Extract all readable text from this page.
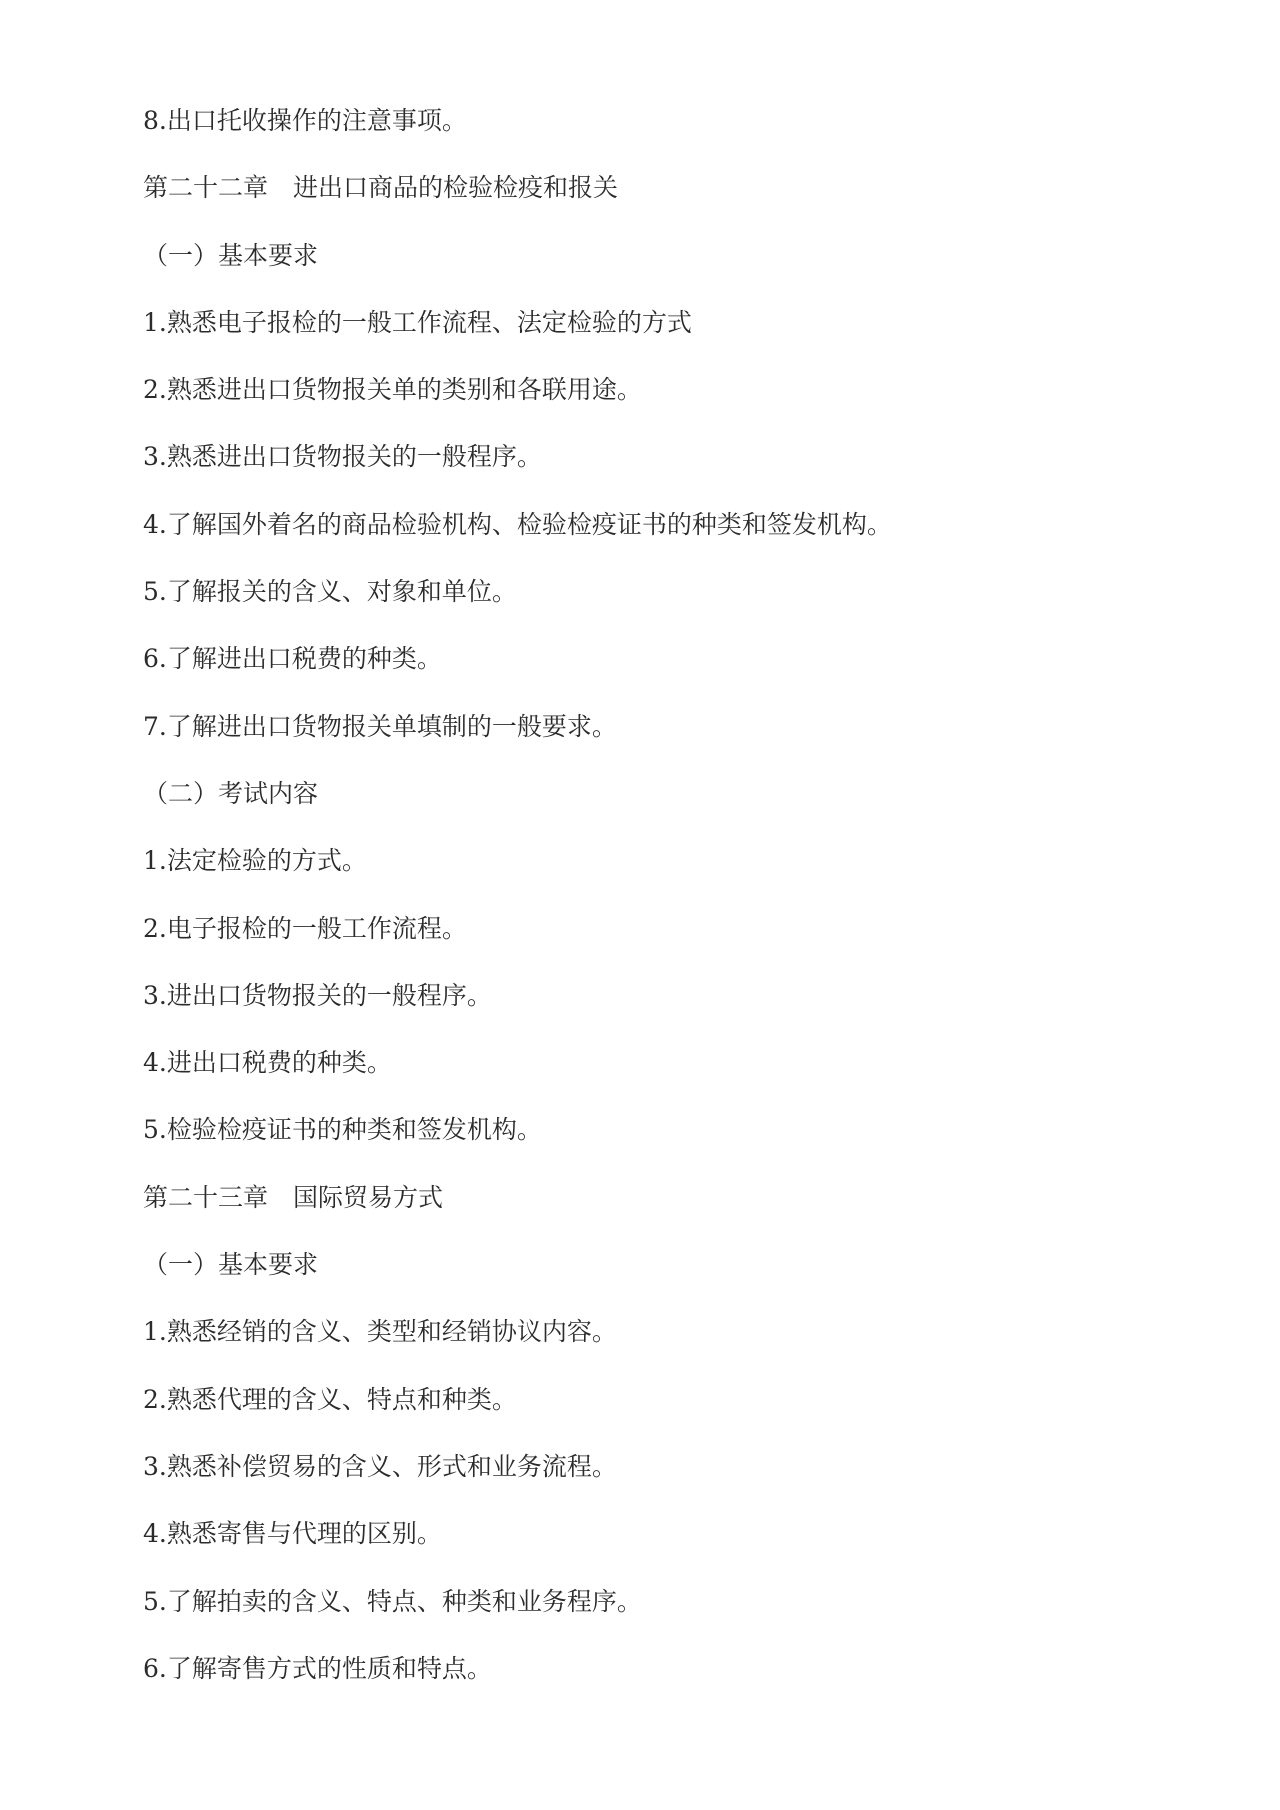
8.出口托收操作的注意事项。
第二十二章　进出口商品的检验检疫和报关
（一）基本要求
1.熟悉电子报检的一般工作流程、法定检验的方式
2.熟悉进出口货物报关单的类别和各联用途。
3.熟悉进出口货物报关的一般程序。
4.了解国外着名的商品检验机构、检验检疫证书的种类和签发机构。
5.了解报关的含义、对象和单位。
6.了解进出口税费的种类。
7.了解进出口货物报关单填制的一般要求。
（二）考试内容
1.法定检验的方式。
2.电子报检的一般工作流程。
3.进出口货物报关的一般程序。
4.进出口税费的种类。
5.检验检疫证书的种类和签发机构。
第二十三章　国际贸易方式
（一）基本要求
1.熟悉经销的含义、类型和经销协议内容。
2.熟悉代理的含义、特点和种类。
3.熟悉补偿贸易的含义、形式和业务流程。
4.熟悉寄售与代理的区别。
5.了解拍卖的含义、特点、种类和业务程序。
6.了解寄售方式的性质和特点。
